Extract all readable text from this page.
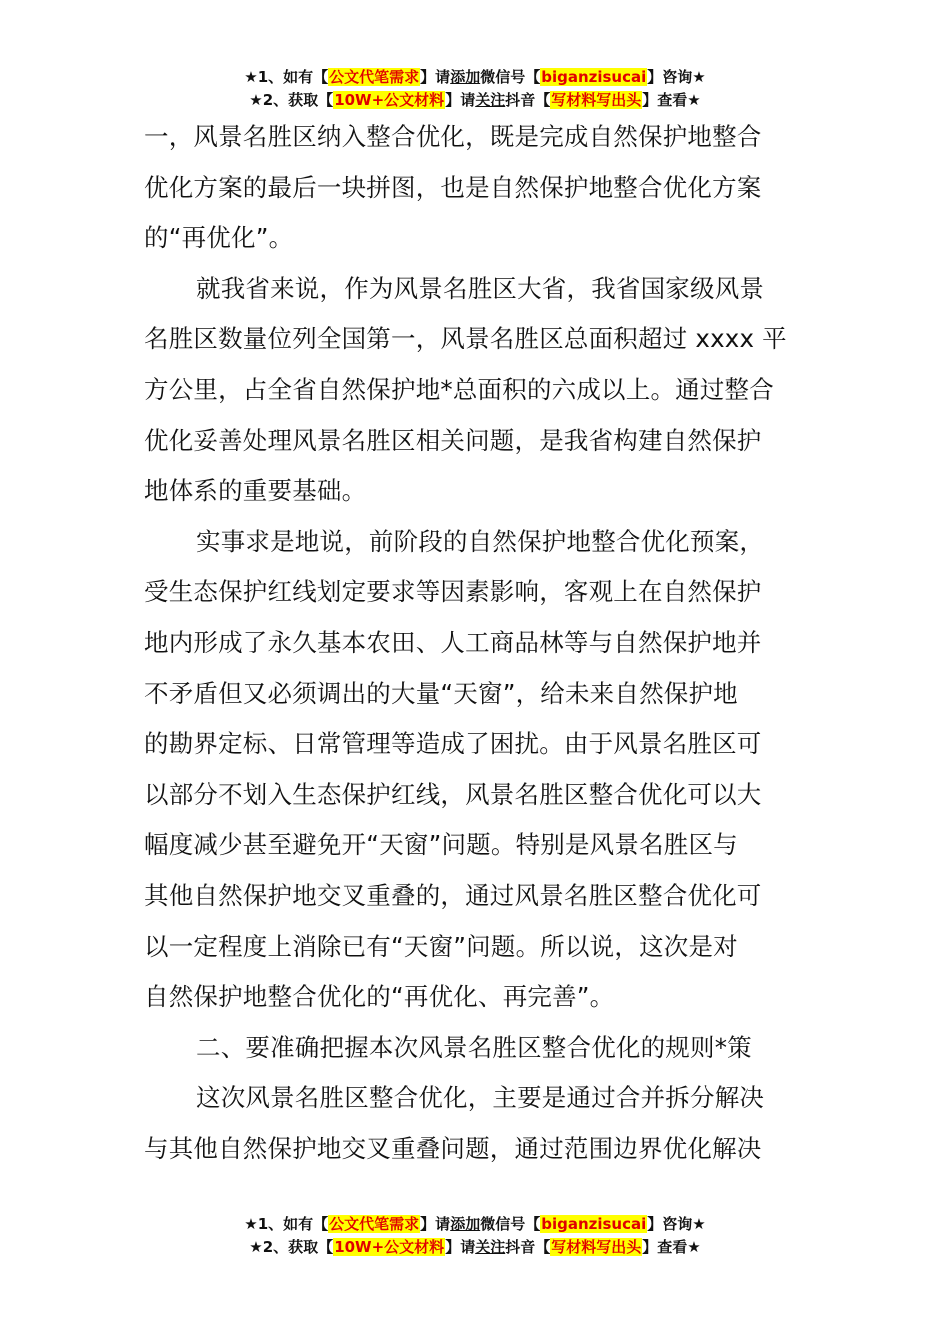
★1、如有【公文代笔需求】请添加微信号【biganzisucai】咨询★
★2、获取【10W+公文材料】请关注抖音【写材料写出头】查看★

一，风景名胜区纳入整合优化，既是完成自然保护地整合
优化方案的最后一块拼图，也是自然保护地整合优化方案
的“再优化”。

就我省来说，作为风景名胜区大省，我省国家级风景
名胜区数量位列全国第一，风景名胜区总面积超过 xxxx 平
方公里，占全省自然保护地*总面积的六成以上。通过整合
优化妥善处理风景名胜区相关问题，是我省构建自然保护
地体系的重要基础。

实事求是地说，前阶段的自然保护地整合优化预案，
受生态保护红线划定要求等因素影响，客观上在自然保护
地内形成了永久基本农田、人工商品林等与自然保护地并
不矛盾但又必须调出的大量“天窗”，给未来自然保护地
的勘界定标、日常管理等造成了困扰。由于风景名胜区可
以部分不划入生态保护红线，风景名胜区整合优化可以大
幅度减少甚至避免开“天窗”问题。特别是风景名胜区与
其他自然保护地交叉重叠的，通过风景名胜区整合优化可
以一定程度上消除已有“天窗”问题。所以说，这次是对
自然保护地整合优化的“再优化、再完善”。

二、要准确把握本次风景名胜区整合优化的规则*策

这次风景名胜区整合优化，主要是通过合并拆分解决
与其他自然保护地交叉重叠问题，通过范围边界优化解决

★1、如有【公文代笔需求】请添加微信号【biganzisucai】咨询★
★2、获取【10W+公文材料】请关注抖音【写材料写出头】查看★
